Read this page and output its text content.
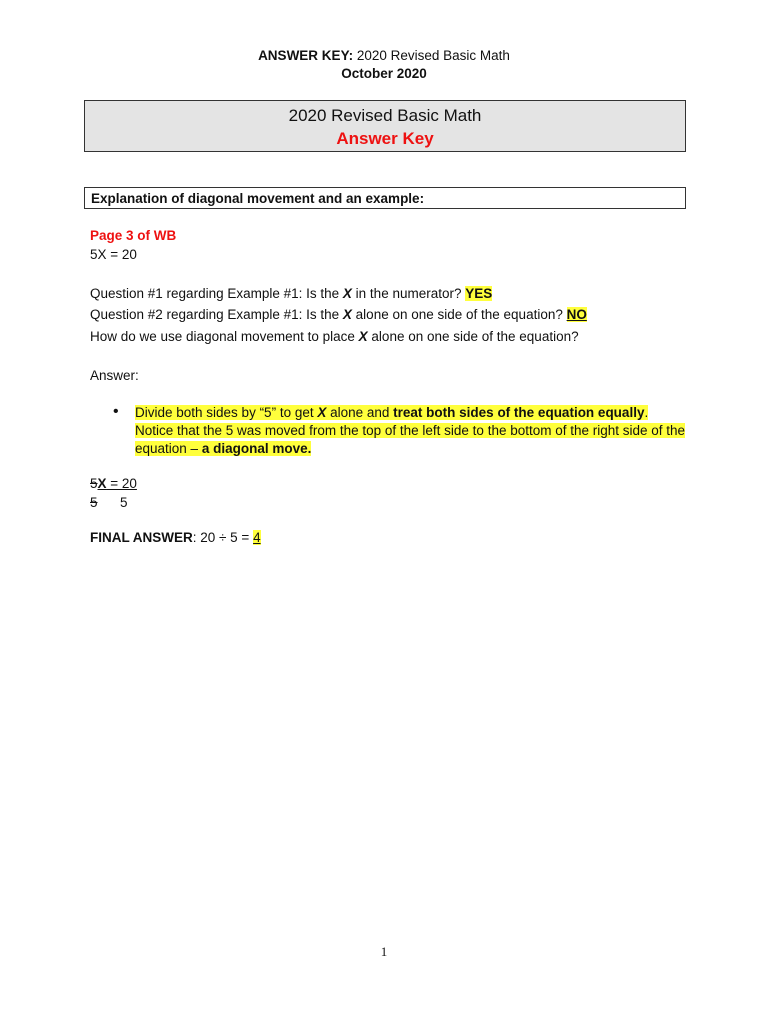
ANSWER KEY: 2020 Revised Basic Math
October 2020
2020 Revised Basic Math
Answer Key
Explanation of diagonal movement and an example:
Page 3 of WB
5X = 20
Question #1 regarding Example #1: Is the X in the numerator? YES
Question #2 regarding Example #1: Is the X alone on one side of the equation? NO
How do we use diagonal movement to place X alone on one side of the equation?
Answer:
• Divide both sides by “5” to get X alone and treat both sides of the equation equally.
Notice that the 5 was moved from the top of the left side to the bottom of the right side of the
equation – a diagonal move.
5X = 20
5 5
FINAL ANSWER: 20 ÷ 5 = 4
1
